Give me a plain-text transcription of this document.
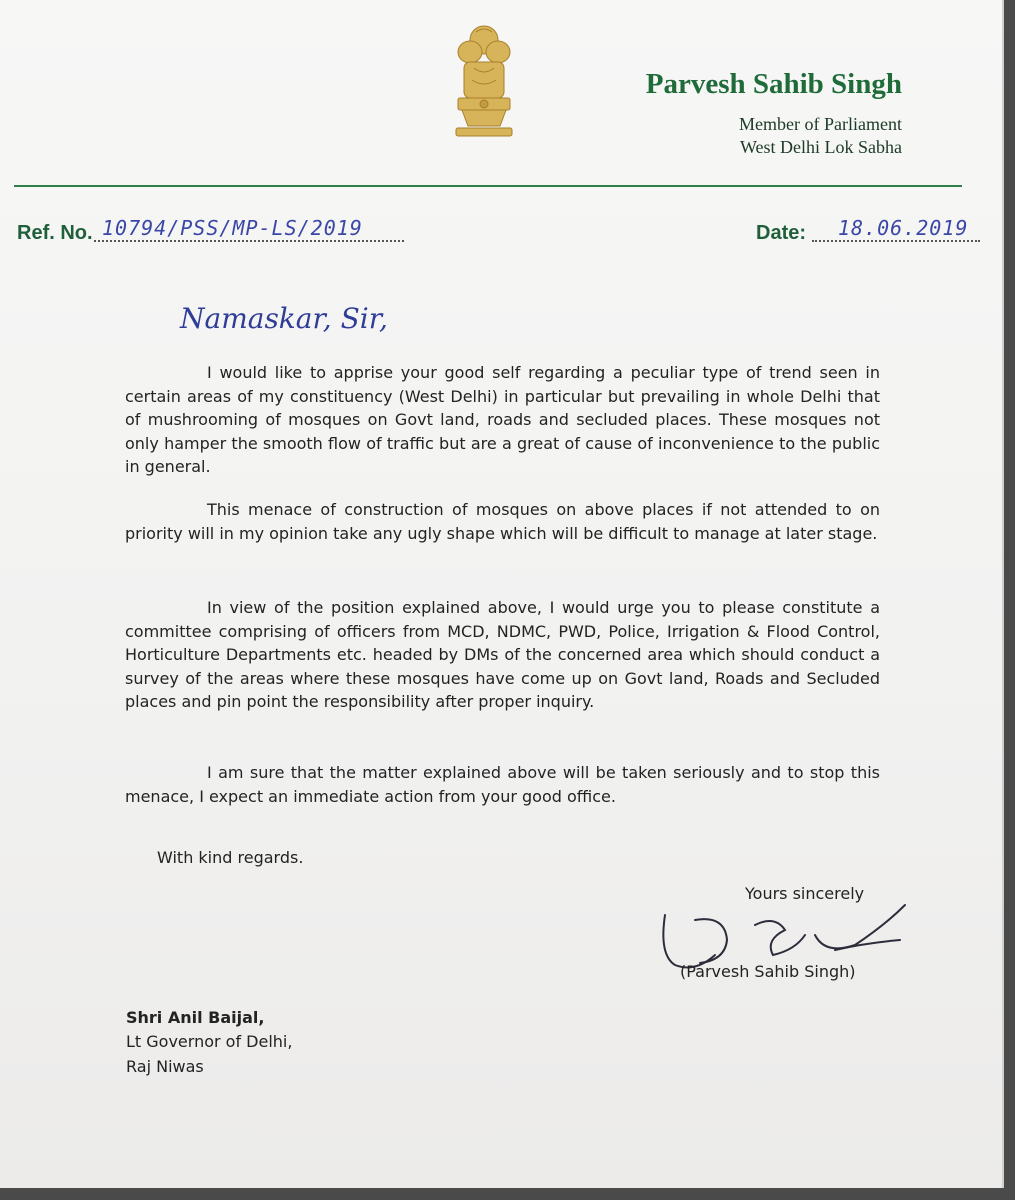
Parvesh Sahib Singh
Member of Parliament
West Delhi Lok Sabha
Ref. No. 10794/PSS/MP-LS/2019	Date: 18.06.2019
Namaskar, Sir,
I would like to apprise your good self regarding a peculiar type of trend seen in certain areas of my constituency (West Delhi) in particular but prevailing in whole Delhi that of mushrooming of mosques on Govt land, roads and secluded places. These mosques not only hamper the smooth flow of traffic but are a great of cause of inconvenience to the public in general.
This menace of construction of mosques on above places if not attended to on priority will in my opinion take any ugly shape which will be difficult to manage at later stage.
In view of the position explained above, I would urge you to please constitute a committee comprising of officers from MCD, NDMC, PWD, Police, Irrigation & Flood Control, Horticulture Departments etc. headed by DMs of the concerned area which should conduct a survey of the areas where these mosques have come up on Govt land, Roads and Secluded places and pin point the responsibility after proper inquiry.
I am sure that the matter explained above will be taken seriously and to stop this menace, I expect an immediate action from your good office.
With kind regards.
Yours sincerely
(Parvesh Sahib Singh)
Shri Anil Baijal,
Lt Governor of Delhi,
Raj Niwas
